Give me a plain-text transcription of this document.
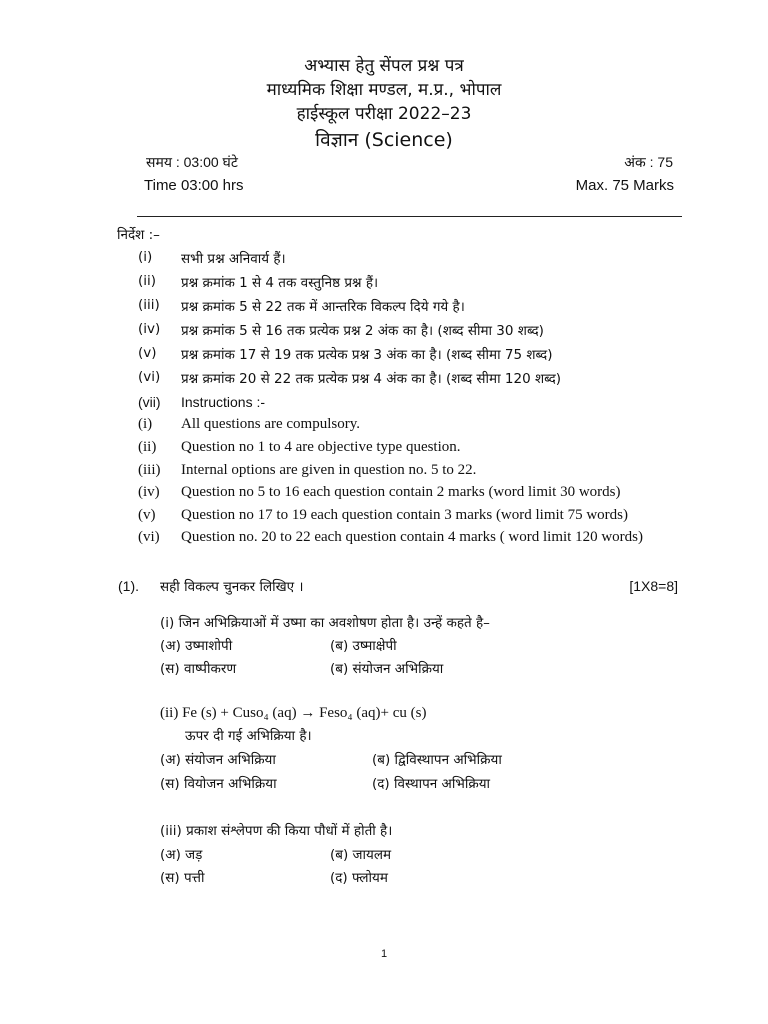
अभ्यास हेतु सेंपल प्रश्न पत्र
माध्यमिक शिक्षा मण्डल, म.प्र., भोपाल
हाईस्कूल परीक्षा 2022–23
विज्ञान (Science)
समय : 03:00 घंटे	अंक : 75
Time 03:00 hrs	Max. 75 Marks
निर्देश :–
(i) सभी प्रश्न अनिवार्य हैं।
(ii) प्रश्न क्रमांक 1 से 4 तक वस्तुनिष्ठ प्रश्न हैं।
(iii) प्रश्न क्रमांक 5 से 22 तक में आन्तरिक विकल्प दिये गये है।
(iv) प्रश्न क्रमांक 5 से 16 तक प्रत्येक प्रश्न 2 अंक का है। (शब्द सीमा 30 शब्द)
(v) प्रश्न क्रमांक 17 से 19 तक प्रत्येक प्रश्न 3 अंक का है। (शब्द सीमा 75 शब्द)
(vi) प्रश्न क्रमांक 20 से 22 तक प्रत्येक प्रश्न 4 अंक का है। (शब्द सीमा 120 शब्द)
(vii) Instructions :-
(i) All questions are compulsory.
(ii) Question no 1 to 4 are objective type question.
(iii) Internal options are given in question no. 5 to 22.
(iv) Question no 5 to 16 each question contain 2 marks (word limit 30 words)
(v) Question no 17 to 19 each question contain 3 marks (word limit 75 words)
(vi) Question no. 20 to 22 each question contain 4 marks ( word limit 120 words)
(1). सही विकल्प चुनकर लिखिए ।	[1X8=8]
(i) जिन अभिक्रियाओं में उष्मा का अवशोषण होता है। उन्हें कहते है–
(अ) उष्माशोपी	(ब) उष्माक्षेपी
(स) वाष्पीकरण	(ब) संयोजन अभिक्रिया
(ii) Fe (s) + Cuso₄ (aq) → Feso₄ (aq)+ cu (s)
ऊपर दी गई अभिक्रिया है।
(अ) संयोजन अभिक्रिया	(ब) द्विविस्थापन अभिक्रिया
(स) वियोजन अभिक्रिया	(द) विस्थापन अभिक्रिया
(iii) प्रकाश संश्लेपण की किया पौधों में होती है।
(अ) जड़	(ब) जायलम
(स) पत्ती	(द) फ्लोयम
1
